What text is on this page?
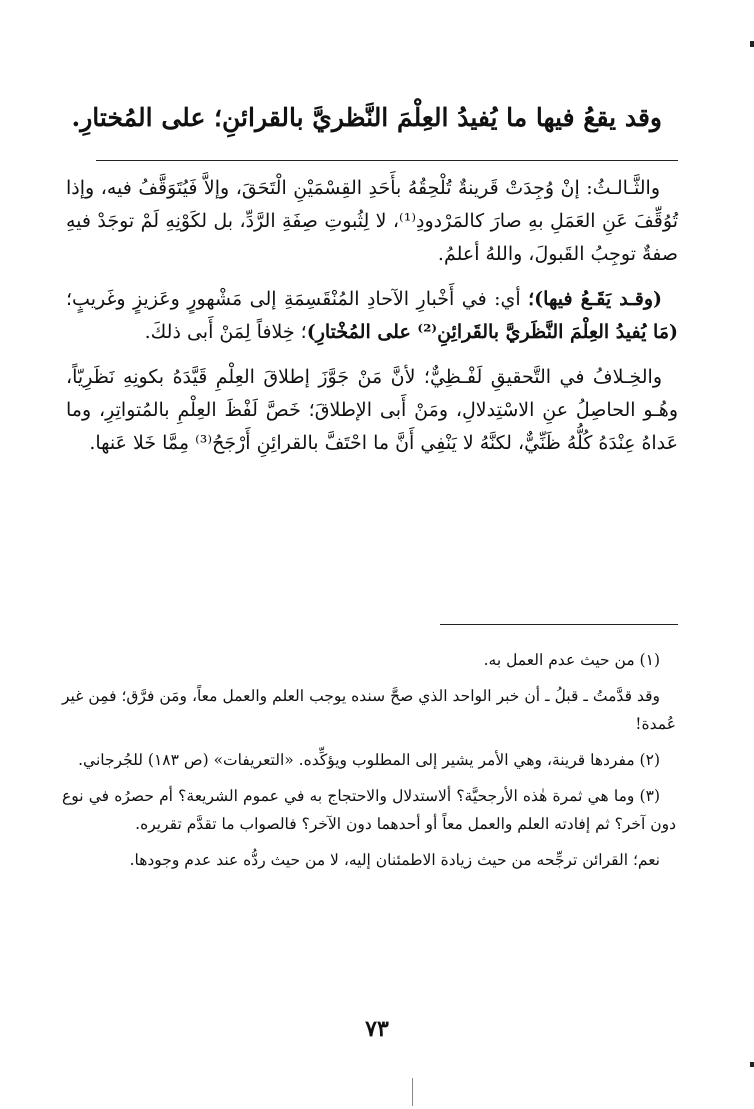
وقد يقعُ فيها ما يُفيدُ العِلْمَ النَّظريَّ بالقرائنِ؛ على المُختارِ.

والثَّـالـثُ: إنْ وُجِدَتْ قَرينةٌ تُلْحِقُهُ بأَحَدِ القِسْمَيْنِ الْتَحَقَ، وإلاَّ فَيُتَوَقَّفُ فيه، وإذا تُوُقِّفَ عَنِ العَمَلِ بهِ صارَ كالمَرْدودِ⁽¹⁾، لا لِثُبوتِ صِفَةِ الرَّدِّ، بل لكَوْنِهِ لَمْ توجَدْ فيهِ صفةٌ توجِبُ القَبولَ، واللهُ أعلمُ.

(وقـد يَقَـعُ فيها)؛ أي: في أَخْبارِ الآحادِ المُنْقَسِمَةِ إلى مَشْهورٍ وعَزيزٍ وغَريبٍ؛ (مَا يُفيدُ العِلْمَ النَّظَريَّ بالقَرائِنِ⁽²⁾ على المُخْتارِ)؛ خِلافاً لِمَنْ أَبى ذلكَ.

والخِـلافُ في التَّحقيقِ لَفْـظِيٌّ؛ لأنَّ مَنْ جَوَّزَ إطلاقَ العِلْمِ قَيَّدَهُ بكونِهِ نَظَرِيّاً، وهُـو الحاصِلُ عنِ الاسْتِدلالِ، ومَنْ أَبى الإطلاقَ؛ خَصَّ لَفْظَ العِلْمِ بالمُتواتِرِ، وما عَداهُ عِنْدَهُ كُلُّهُ ظَنِّيٌّ، لكنَّهُ لا يَنْفِي أَنَّ ما احْتَفَّ بالقرائِنِ أَرْجَحُ⁽³⁾ مِمَّا خَلا عَنها.

(١) من حيث عدم العمل به.

وقد قدَّمتُ ـ قبلُ ـ أن خبر الواحد الذي صحَّ سنده يوجب العلم والعمل معاً، ومَن فرَّق؛ فمِن غير عُمدة!

(٢) مفردها قرينة، وهي الأمر يشير إلى المطلوب ويؤكِّده. «التعريفات» (ص ١٨٣) للجُرجاني.

(٣) وما هي ثمرة هٰذه الأرجحيَّة؟ ألاستدلال والاحتجاج به في عموم الشريعة؟ أم حصرُه في نوع دون آخر؟ ثم إفادته العلم والعمل معاً أو أحدهما دون الآخر؟ فالصواب ما تقدَّم تقريره.

نعم؛ القرائن ترجِّحه من حيث زيادة الاطمئنان إليه، لا من حيث ردُّه عند عدم وجودها.

٧٣
